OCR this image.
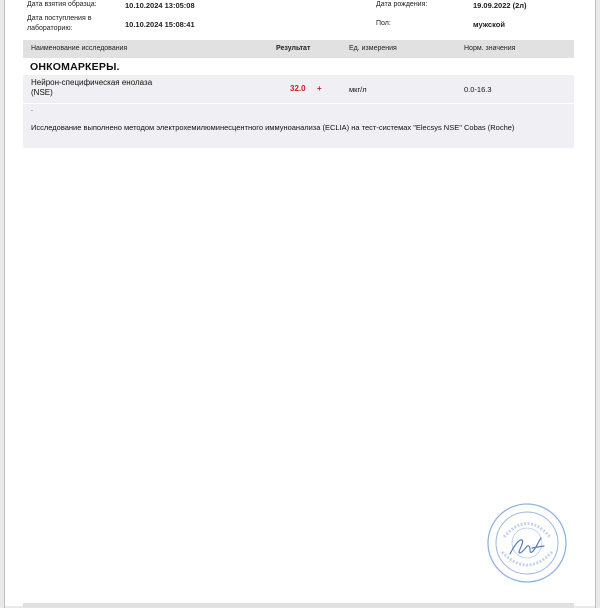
Дата взятия образца:	10.10.2024 13:05:08
Дата поступления в
лабораторию:	10.10.2024 15:08:41
Дата рождения:	19.09.2022 (2л)
Пол:	мужской
Наименование исследования	Результат	Ед. измерения	Норм. значения
ОНКОМАРКЕРЫ.
Нейрон-специфическая енолаза
(NSE)	32.0 +	мкг/л	0.0-16.3
.
Исследование выполнено методом электрохемилюминесцентного иммуноанализа (ECLIA) на тест-системах "Elecsys NSE" Cobas (Roche)
